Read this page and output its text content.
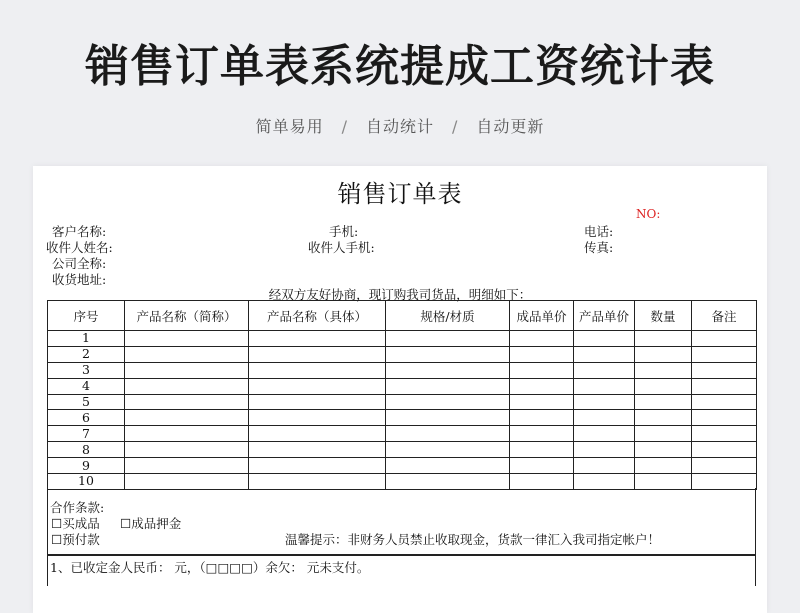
销售订单表系统提成工资统计表
简单易用 / 自动统计 / 自动更新
销售订单表
NO:
客户名称:	手机:	电话:
收件人姓名:	收件人手机:	传真:
公司全称:
收货地址:
经双方友好协商，现订购我司货品，明细如下：
序号	产品名称（简称）	产品名称（具体）	规格/材质	成品单价	产品单价	数量	备注
1							
2							
3							
4							
5							
6							
7							
8							
9							
10							
合作条款:
☐买成品 ☐成品押金
☐预付款	温馨提示：非财务人员禁止收取现金，货款一律汇入我司指定帐户！
1、已收定金人民币： 元，（□□□□）余欠： 元未支付。
